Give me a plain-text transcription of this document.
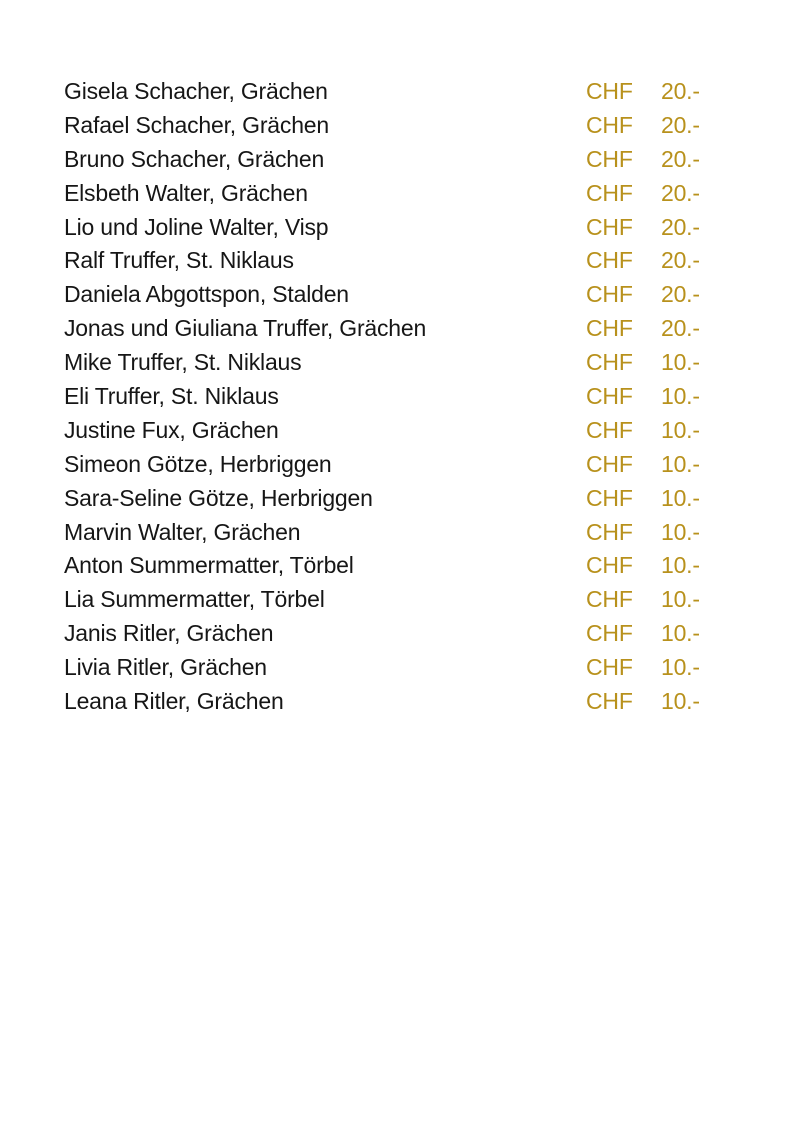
Gisela Schacher, Grächen	CHF 20.-
Rafael Schacher, Grächen	CHF 20.-
Bruno Schacher, Grächen	CHF 20.-
Elsbeth Walter, Grächen	CHF 20.-
Lio und Joline Walter, Visp	CHF 20.-
Ralf Truffer, St. Niklaus	CHF 20.-
Daniela Abgottspon, Stalden	CHF 20.-
Jonas und Giuliana Truffer, Grächen	CHF 20.-
Mike Truffer, St. Niklaus	CHF 10.-
Eli Truffer, St. Niklaus	CHF 10.-
Justine Fux, Grächen	CHF 10.-
Simeon Götze, Herbriggen	CHF 10.-
Sara-Seline Götze, Herbriggen	CHF 10.-
Marvin Walter, Grächen	CHF 10.-
Anton Summermatter, Törbel	CHF 10.-
Lia Summermatter, Törbel	CHF 10.-
Janis Ritler, Grächen	CHF 10.-
Livia Ritler, Grächen	CHF 10.-
Leana Ritler, Grächen	CHF 10.-
